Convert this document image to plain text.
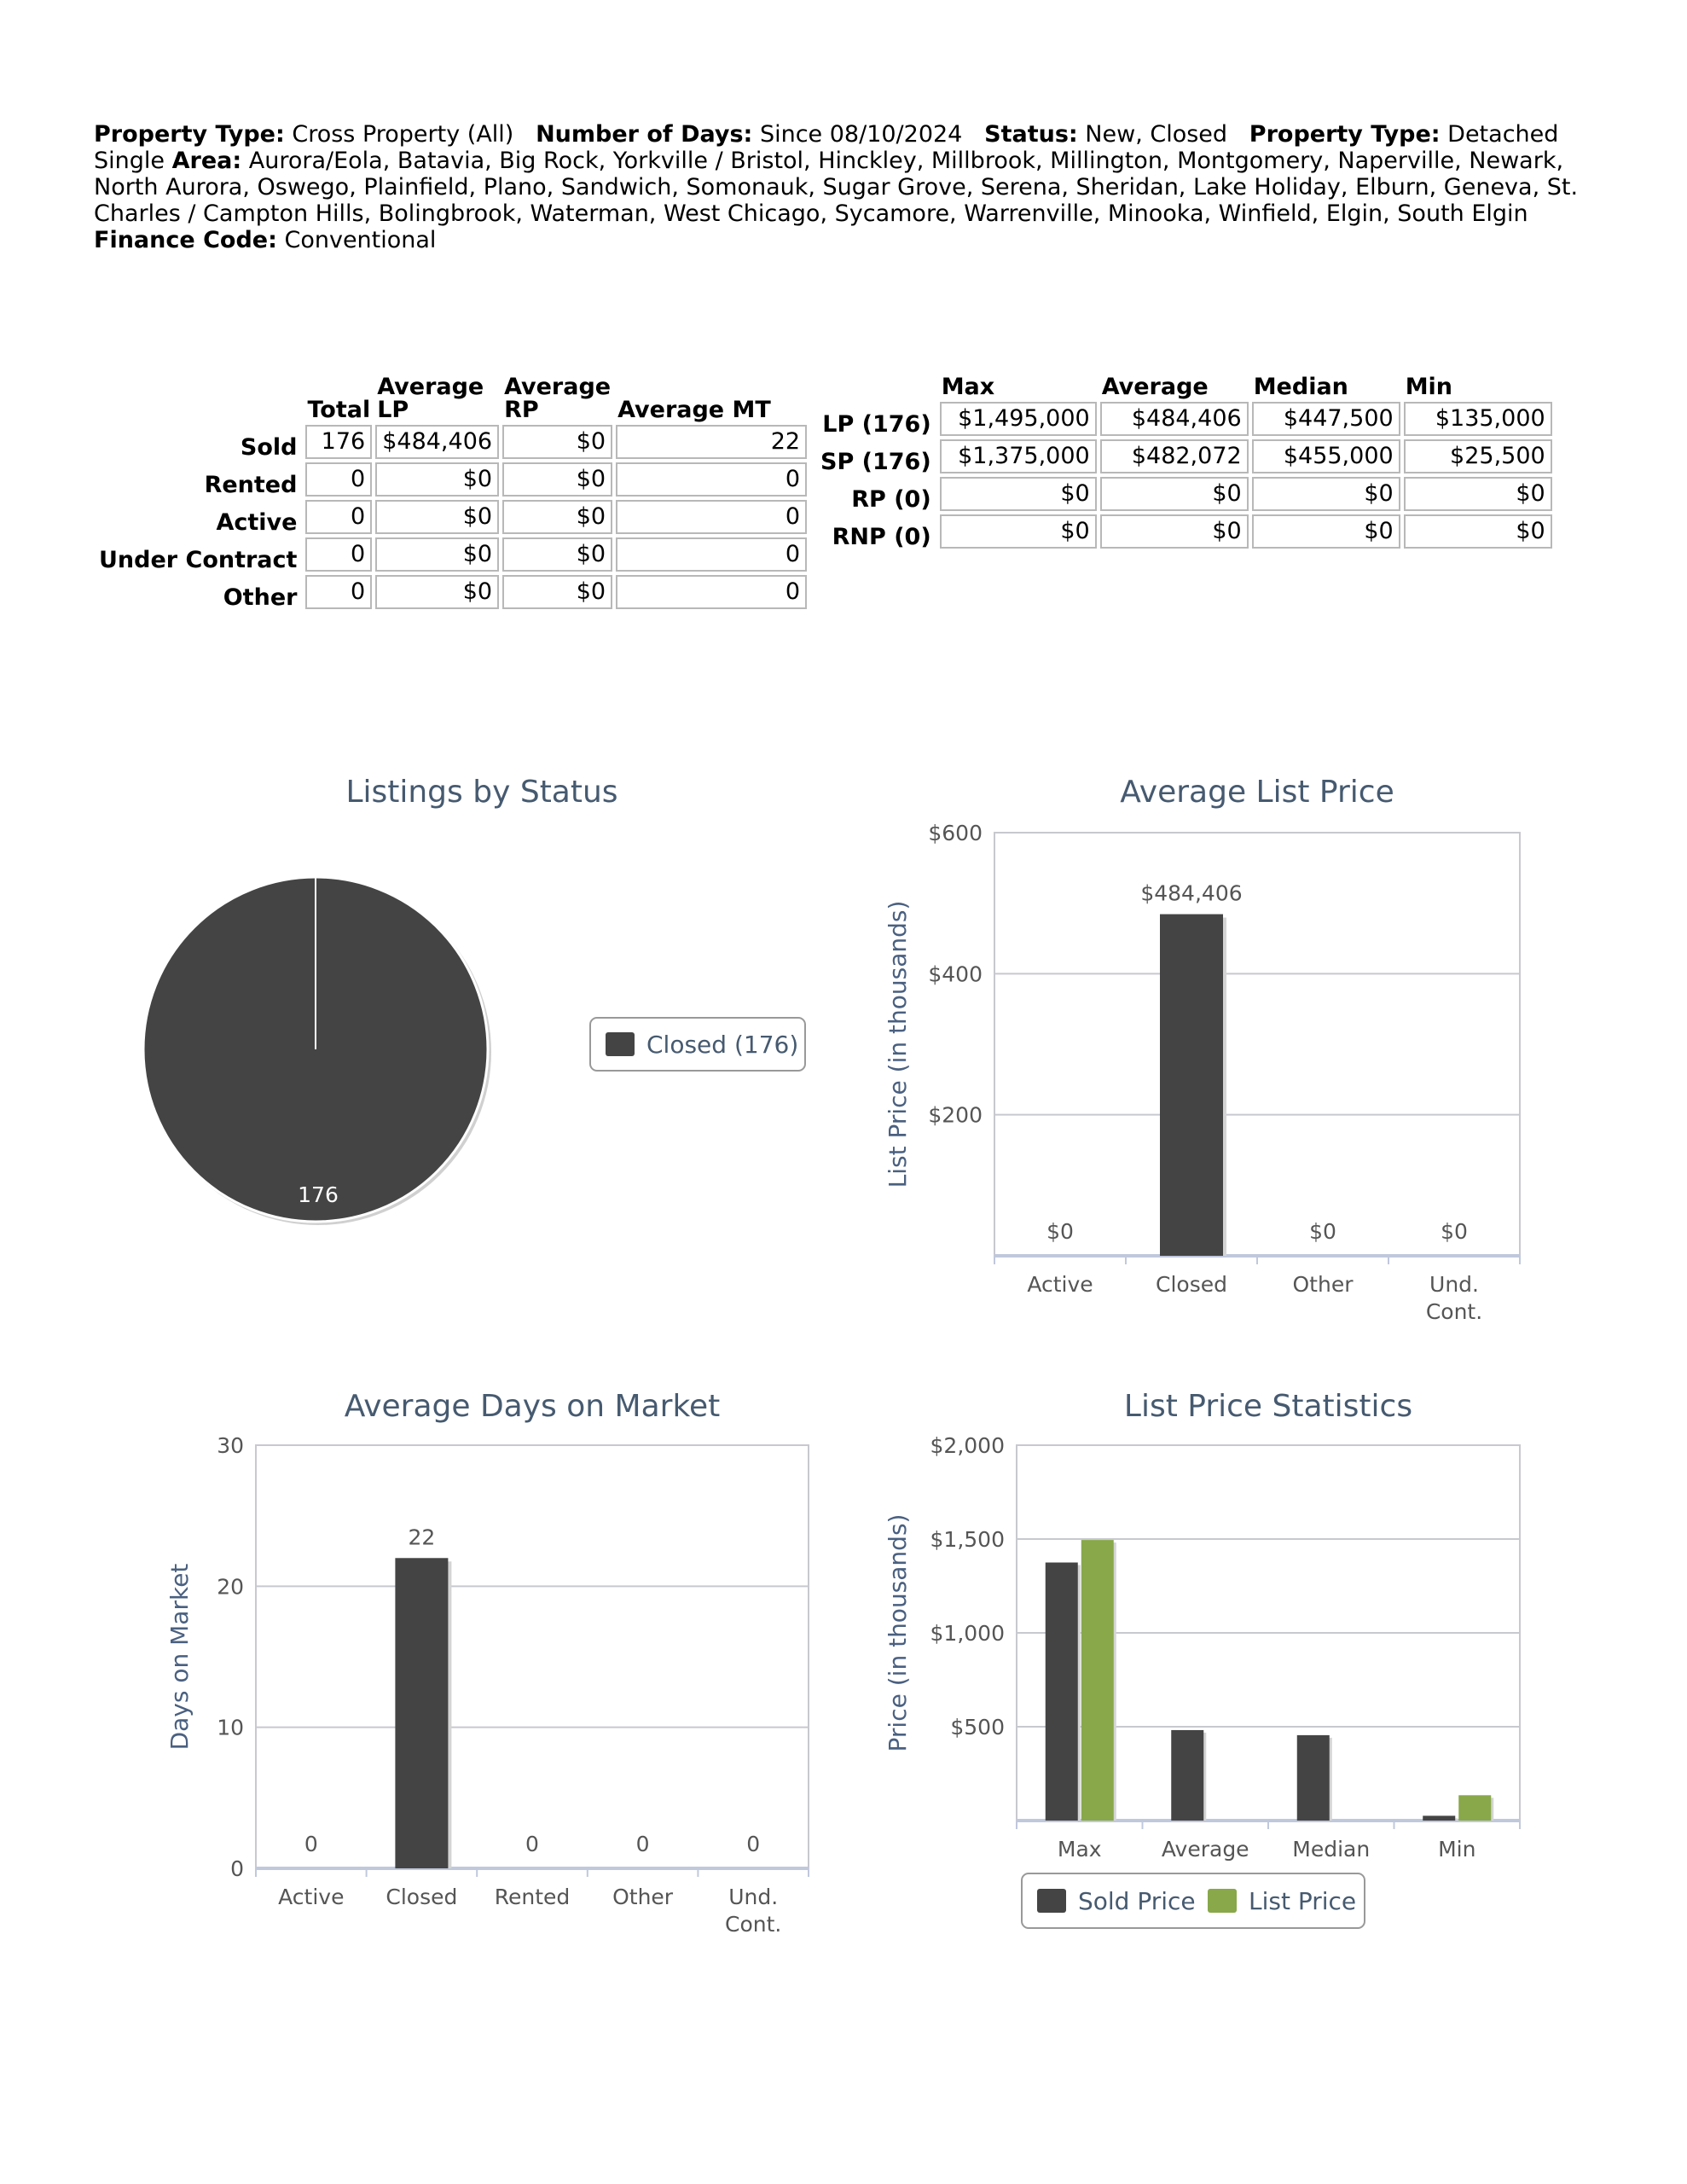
Property Type: Cross Property (All) Number of Days: Since 08/10/2024 Status: New, Closed Property Type: Detached Single Area: Aurora/Eola, Batavia, Big Rock, Yorkville / Bristol, Hinckley, Millbrook, Millington, Montgomery, Naperville, Newark, North Aurora, Oswego, Plainfield, Plano, Sandwich, Somonauk, Sugar Grove, Serena, Sheridan, Lake Holiday, Elburn, Geneva, St. Charles / Campton Hills, Bolingbrook, Waterman, West Chicago, Sycamore, Warrenville, Minooka, Winfield, Elgin, South Elgin   Finance Code: Conventional
	Total	Average LP	Average RP	Average MT
Sold	176	$484,406	$0	22
Rented	0	$0	$0	0
Active	0	$0	$0	0
Under Contract	0	$0	$0	0
Other	0	$0	$0	0
	Max	Average	Median	Min
LP (176)	$1,495,000	$484,406	$447,500	$135,000
SP (176)	$1,375,000	$482,072	$455,000	$25,500
RP (0)	$0	$0	$0	$0
RNP (0)	$0	$0	$0	$0
Listings by Status
176
Closed (176)
Average List Price
$200
$400
$600
Active	Closed	Other	Und.
Cont.
List Price (in thousands)
$0
$484,406
$0	$0
Average Days on Market
0
10
20
30
Active Closed Rented Other	Und.
Cont.
Days on Market
0
22
0	0	0
List Price Statistics
$500
$1,000
$1,500
$2,000
Max	Average Median	Min
Price (in thousands)
Sold Price List Price
